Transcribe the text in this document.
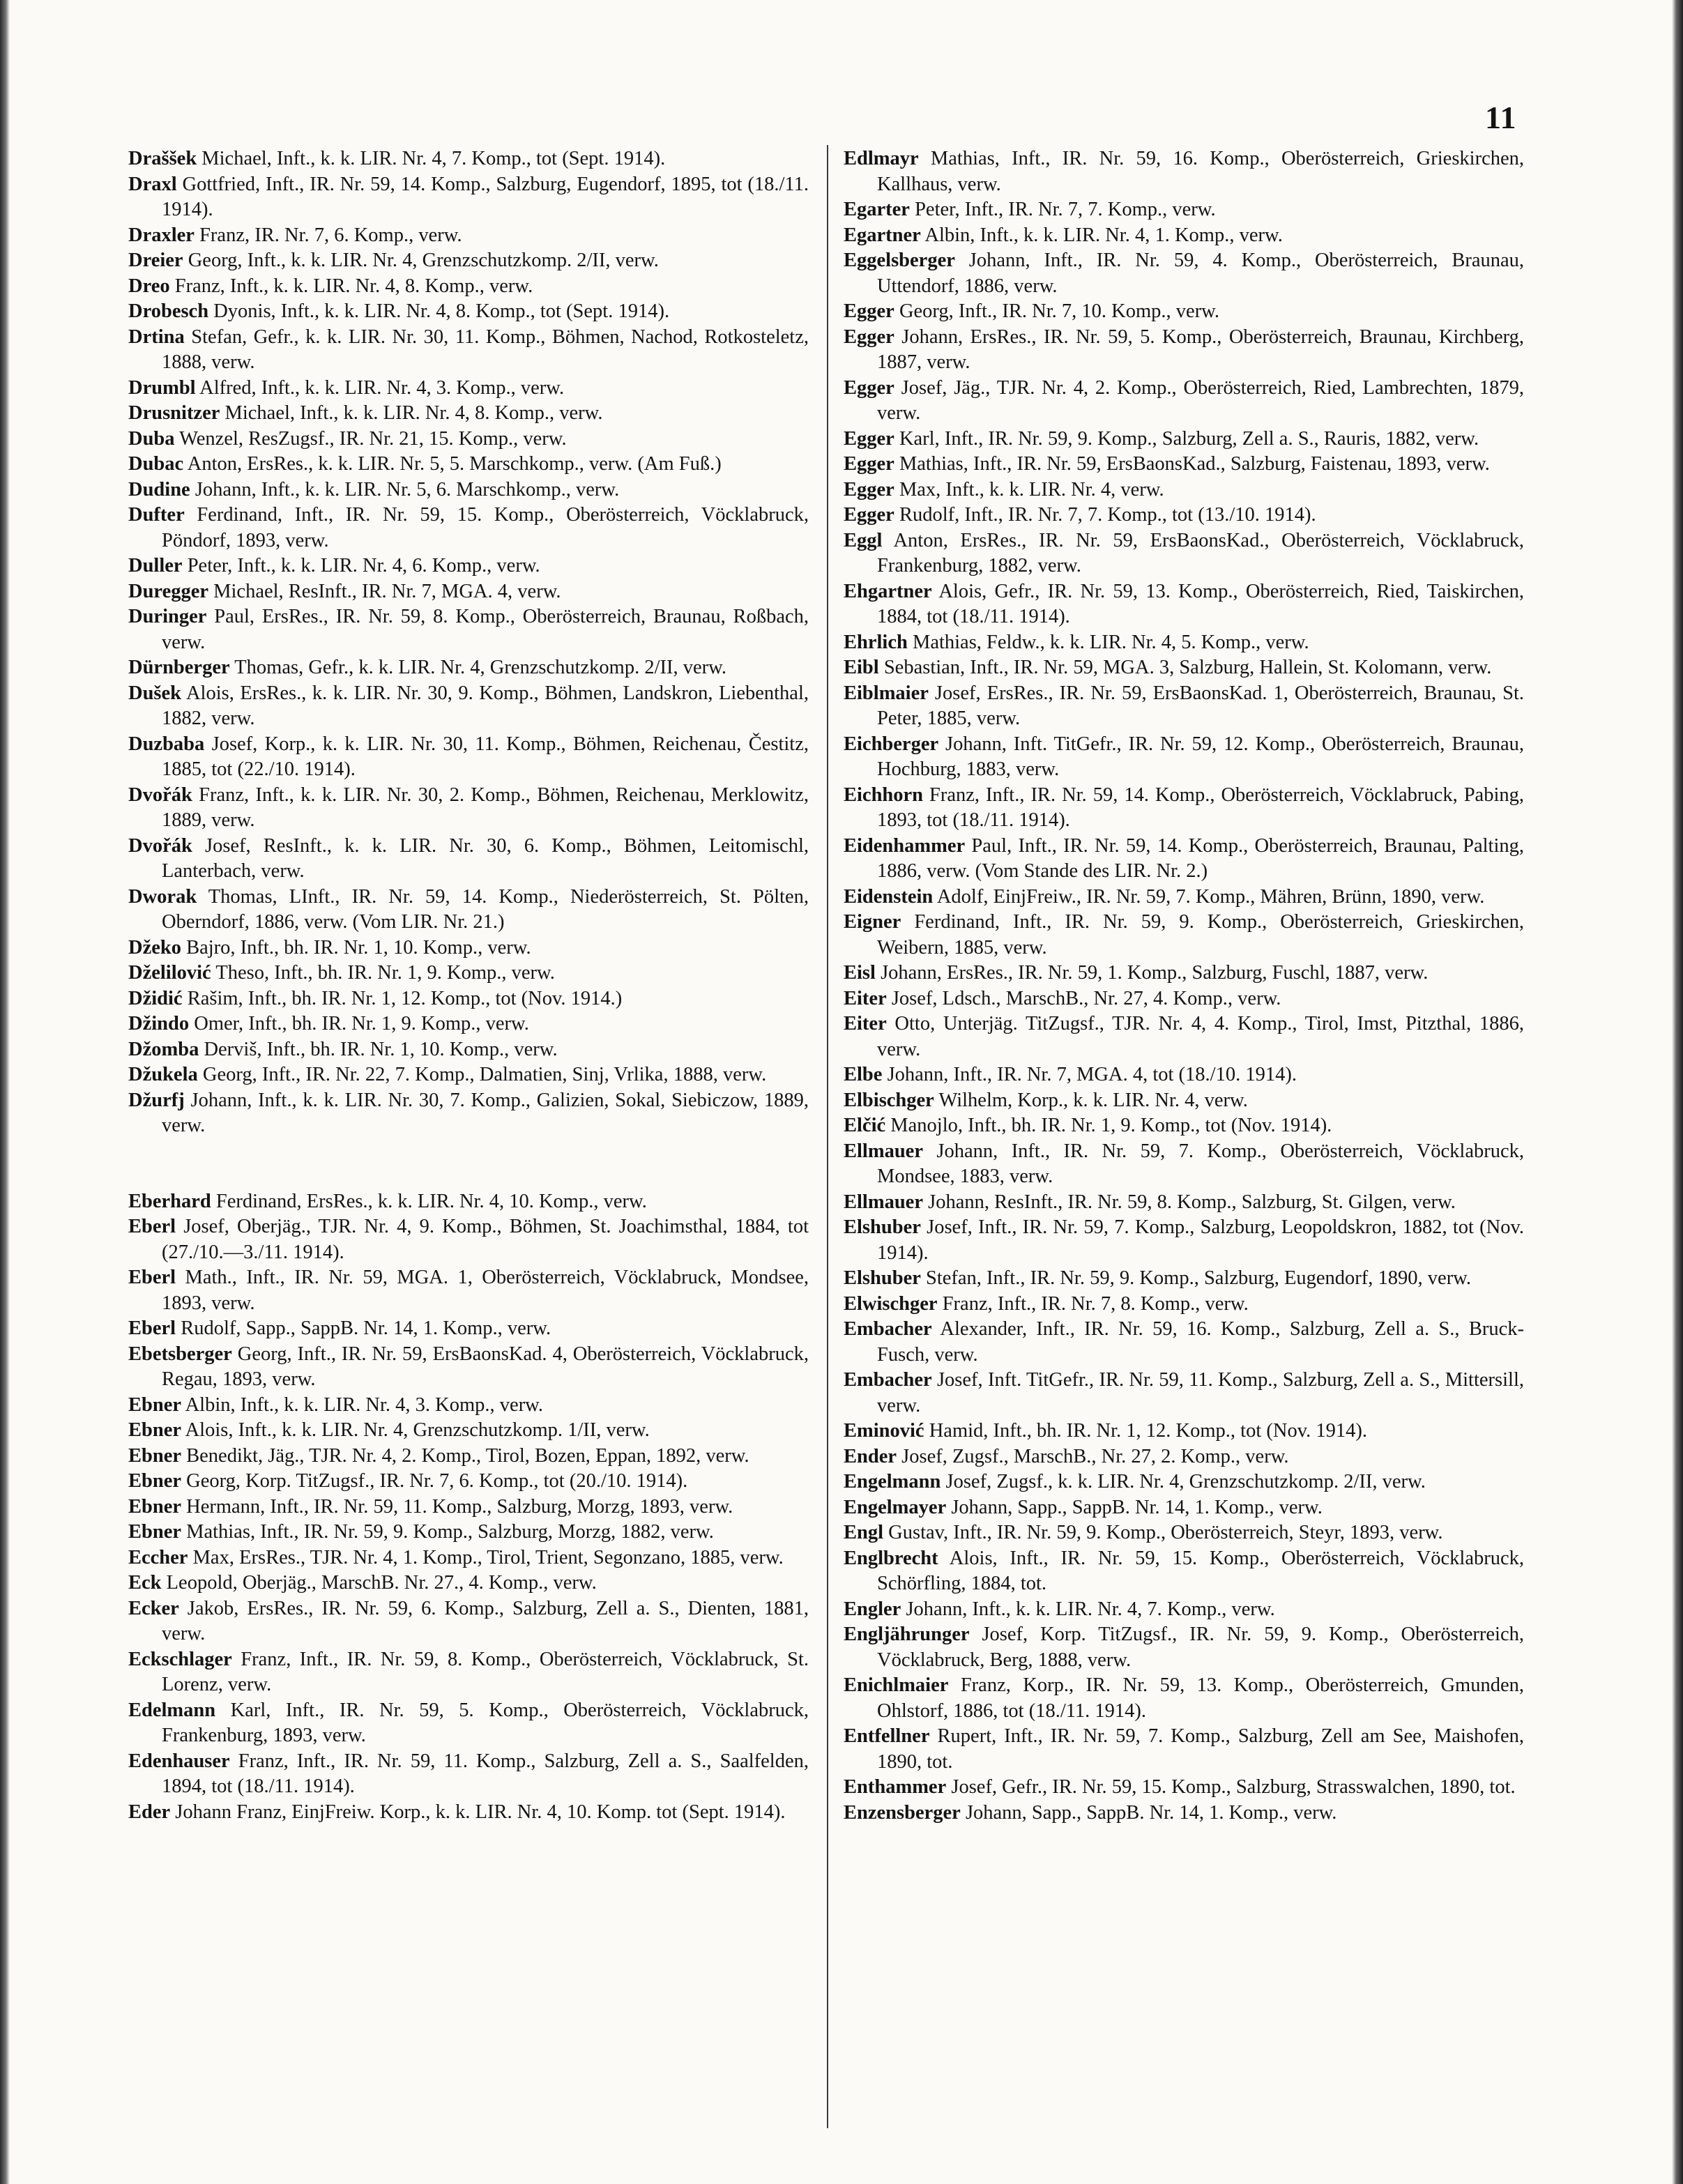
11

Draššek Michael, Inft., k. k. LIR. Nr. 4, 7. Komp., tot (Sept. 1914).

Draxl Gottfried, Inft., IR. Nr. 59, 14. Komp., Salzburg, Eugendorf, 1895, tot (18./11. 1914).

Draxler Franz, IR. Nr. 7, 6. Komp., verw.

Dreier Georg, Inft., k. k. LIR. Nr. 4, Grenzschutzkomp. 2/II, verw.

Dreo Franz, Inft., k. k. LIR. Nr. 4, 8. Komp., verw.

Drobesch Dyonis, Inft., k. k. LIR. Nr. 4, 8. Komp., tot (Sept. 1914).

Drtina Stefan, Gefr., k. k. LIR. Nr. 30, 11. Komp., Böhmen, Nachod, Rotkosteletz, 1888, verw.

Drumbl Alfred, Inft., k. k. LIR. Nr. 4, 3. Komp., verw.

Drusnitzer Michael, Inft., k. k. LIR. Nr. 4, 8. Komp., verw.

Duba Wenzel, ResZugsf., IR. Nr. 21, 15. Komp., verw.

Dubac Anton, ErsRes., k. k. LIR. Nr. 5, 5. Marschkomp., verw. (Am Fuß.)

Dudine Johann, Inft., k. k. LIR. Nr. 5, 6. Marschkomp., verw.

Dufter Ferdinand, Inft., IR. Nr. 59, 15. Komp., Oberösterreich, Vöcklabruck, Pöndorf, 1893, verw.

Duller Peter, Inft., k. k. LIR. Nr. 4, 6. Komp., verw.

Duregger Michael, ResInft., IR. Nr. 7, MGA. 4, verw.

Duringer Paul, ErsRes., IR. Nr. 59, 8. Komp., Oberösterreich, Braunau, Roßbach, verw.

Dürnberger Thomas, Gefr., k. k. LIR. Nr. 4, Grenzschutzkomp. 2/II, verw.

Dušek Alois, ErsRes., k. k. LIR. Nr. 30, 9. Komp., Böhmen, Landskron, Liebenthal, 1882, verw.

Duzbaba Josef, Korp., k. k. LIR. Nr. 30, 11. Komp., Böhmen, Reichenau, Čestitz, 1885, tot (22./10. 1914).

Dvořák Franz, Inft., k. k. LIR. Nr. 30, 2. Komp., Böhmen, Reichenau, Merklowitz, 1889, verw.

Dvořák Josef, ResInft., k. k. LIR. Nr. 30, 6. Komp., Böhmen, Leitomischl, Lanterbach, verw.

Dworak Thomas, LInft., IR. Nr. 59, 14. Komp., Niederösterreich, St. Pölten, Oberndorf, 1886, verw. (Vom LIR. Nr. 21.)

Džeko Bajro, Inft., bh. IR. Nr. 1, 10. Komp., verw.

Dželilović Theso, Inft., bh. IR. Nr. 1, 9. Komp., verw.

Džidić Rašim, Inft., bh. IR. Nr. 1, 12. Komp., tot (Nov. 1914.)

Džindo Omer, Inft., bh. IR. Nr. 1, 9. Komp., verw.

Džomba Derviš, Inft., bh. IR. Nr. 1, 10. Komp., verw.

Džukela Georg, Inft., IR. Nr. 22, 7. Komp., Dalmatien, Sinj, Vrlika, 1888, verw.

Džurfj Johann, Inft., k. k. LIR. Nr. 30, 7. Komp., Galizien, Sokal, Siebiczow, 1889, verw.

Eberhard Ferdinand, ErsRes., k. k. LIR. Nr. 4, 10. Komp., verw.

Eberl Josef, Oberjäg., TJR. Nr. 4, 9. Komp., Böhmen, St. Joachimsthal, 1884, tot (27./10.—3./11. 1914).

Eberl Math., Inft., IR. Nr. 59, MGA. 1, Oberösterreich, Vöcklabruck, Mondsee, 1893, verw.

Eberl Rudolf, Sapp., SappB. Nr. 14, 1. Komp., verw.

Ebetsberger Georg, Inft., IR. Nr. 59, ErsBaonsKad. 4, Oberösterreich, Vöcklabruck, Regau, 1893, verw.

Ebner Albin, Inft., k. k. LIR. Nr. 4, 3. Komp., verw.

Ebner Alois, Inft., k. k. LIR. Nr. 4, Grenzschutzkomp. 1/II, verw.

Ebner Benedikt, Jäg., TJR. Nr. 4, 2. Komp., Tirol, Bozen, Eppan, 1892, verw.

Ebner Georg, Korp. TitZugsf., IR. Nr. 7, 6. Komp., tot (20./10. 1914).

Ebner Hermann, Inft., IR. Nr. 59, 11. Komp., Salzburg, Morzg, 1893, verw.

Ebner Mathias, Inft., IR. Nr. 59, 9. Komp., Salzburg, Morzg, 1882, verw.

Eccher Max, ErsRes., TJR. Nr. 4, 1. Komp., Tirol, Trient, Segonzano, 1885, verw.

Eck Leopold, Oberjäg., MarschB. Nr. 27., 4. Komp., verw.

Ecker Jakob, ErsRes., IR. Nr. 59, 6. Komp., Salzburg, Zell a. S., Dienten, 1881, verw.

Eckschlager Franz, Inft., IR. Nr. 59, 8. Komp., Oberösterreich, Vöcklabruck, St. Lorenz, verw.

Edelmann Karl, Inft., IR. Nr. 59, 5. Komp., Oberösterreich, Vöcklabruck, Frankenburg, 1893, verw.

Edenhauser Franz, Inft., IR. Nr. 59, 11. Komp., Salzburg, Zell a. S., Saalfelden, 1894, tot (18./11. 1914).

Eder Johann Franz, EinjFreiw. Korp., k. k. LIR. Nr. 4, 10. Komp. tot (Sept. 1914).

Edlmayr Mathias, Inft., IR. Nr. 59, 16. Komp., Oberösterreich, Grieskirchen, Kallhaus, verw.

Egarter Peter, Inft., IR. Nr. 7, 7. Komp., verw.

Egartner Albin, Inft., k. k. LIR. Nr. 4, 1. Komp., verw.

Eggelsberger Johann, Inft., IR. Nr. 59, 4. Komp., Oberösterreich, Braunau, Uttendorf, 1886, verw.

Egger Georg, Inft., IR. Nr. 7, 10. Komp., verw.

Egger Johann, ErsRes., IR. Nr. 59, 5. Komp., Oberösterreich, Braunau, Kirchberg, 1887, verw.

Egger Josef, Jäg., TJR. Nr. 4, 2. Komp., Oberösterreich, Ried, Lambrechten, 1879, verw.

Egger Karl, Inft., IR. Nr. 59, 9. Komp., Salzburg, Zell a. S., Rauris, 1882, verw.

Egger Mathias, Inft., IR. Nr. 59, ErsBaonsKad., Salzburg, Faistenau, 1893, verw.

Egger Max, Inft., k. k. LIR. Nr. 4, verw.

Egger Rudolf, Inft., IR. Nr. 7, 7. Komp., tot (13./10. 1914).

Eggl Anton, ErsRes., IR. Nr. 59, ErsBaonsKad., Oberösterreich, Vöcklabruck, Frankenburg, 1882, verw.

Ehgartner Alois, Gefr., IR. Nr. 59, 13. Komp., Oberösterreich, Ried, Taiskirchen, 1884, tot (18./11. 1914).

Ehrlich Mathias, Feldw., k. k. LIR. Nr. 4, 5. Komp., verw.

Eibl Sebastian, Inft., IR. Nr. 59, MGA. 3, Salzburg, Hallein, St. Kolomann, verw.

Eiblmaier Josef, ErsRes., IR. Nr. 59, ErsBaonsKad. 1, Oberösterreich, Braunau, St. Peter, 1885, verw.

Eichberger Johann, Inft. TitGefr., IR. Nr. 59, 12. Komp., Oberösterreich, Braunau, Hochburg, 1883, verw.

Eichhorn Franz, Inft., IR. Nr. 59, 14. Komp., Oberösterreich, Vöcklabruck, Pabing, 1893, tot (18./11. 1914).

Eidenhammer Paul, Inft., IR. Nr. 59, 14. Komp., Oberösterreich, Braunau, Palting, 1886, verw. (Vom Stande des LIR. Nr. 2.)

Eidenstein Adolf, EinjFreiw., IR. Nr. 59, 7. Komp., Mähren, Brünn, 1890, verw.

Eigner Ferdinand, Inft., IR. Nr. 59, 9. Komp., Oberösterreich, Grieskirchen, Weibern, 1885, verw.

Eisl Johann, ErsRes., IR. Nr. 59, 1. Komp., Salzburg, Fuschl, 1887, verw.

Eiter Josef, Ldsch., MarschB., Nr. 27, 4. Komp., verw.

Eiter Otto, Unterjäg. TitZugsf., TJR. Nr. 4, 4. Komp., Tirol, Imst, Pitzthal, 1886, verw.

Elbe Johann, Inft., IR. Nr. 7, MGA. 4, tot (18./10. 1914).

Elbischger Wilhelm, Korp., k. k. LIR. Nr. 4, verw.

Elčić Manojlo, Inft., bh. IR. Nr. 1, 9. Komp., tot (Nov. 1914).

Ellmauer Johann, Inft., IR. Nr. 59, 7. Komp., Oberösterreich, Vöcklabruck, Mondsee, 1883, verw.

Ellmauer Johann, ResInft., IR. Nr. 59, 8. Komp., Salzburg, St. Gilgen, verw.

Elshuber Josef, Inft., IR. Nr. 59, 7. Komp., Salzburg, Leopoldskron, 1882, tot (Nov. 1914).

Elshuber Stefan, Inft., IR. Nr. 59, 9. Komp., Salzburg, Eugendorf, 1890, verw.

Elwischger Franz, Inft., IR. Nr. 7, 8. Komp., verw.

Embacher Alexander, Inft., IR. Nr. 59, 16. Komp., Salzburg, Zell a. S., Bruck-Fusch, verw.

Embacher Josef, Inft. TitGefr., IR. Nr. 59, 11. Komp., Salzburg, Zell a. S., Mittersill, verw.

Eminović Hamid, Inft., bh. IR. Nr. 1, 12. Komp., tot (Nov. 1914).

Ender Josef, Zugsf., MarschB., Nr. 27, 2. Komp., verw.

Engelmann Josef, Zugsf., k. k. LIR. Nr. 4, Grenzschutzkomp. 2/II, verw.

Engelmayer Johann, Sapp., SappB. Nr. 14, 1. Komp., verw.

Engl Gustav, Inft., IR. Nr. 59, 9. Komp., Oberösterreich, Steyr, 1893, verw.

Englbrecht Alois, Inft., IR. Nr. 59, 15. Komp., Oberösterreich, Vöcklabruck, Schörfling, 1884, tot.

Engler Johann, Inft., k. k. LIR. Nr. 4, 7. Komp., verw.

Engljährunger Josef, Korp. TitZugsf., IR. Nr. 59, 9. Komp., Oberösterreich, Vöcklabruck, Berg, 1888, verw.

Enichlmaier Franz, Korp., IR. Nr. 59, 13. Komp., Oberösterreich, Gmunden, Ohlstorf, 1886, tot (18./11. 1914).

Entfellner Rupert, Inft., IR. Nr. 59, 7. Komp., Salzburg, Zell am See, Maishofen, 1890, tot.

Enthammer Josef, Gefr., IR. Nr. 59, 15. Komp., Salzburg, Strasswalchen, 1890, tot.

Enzensberger Johann, Sapp., SappB. Nr. 14, 1. Komp., verw.
